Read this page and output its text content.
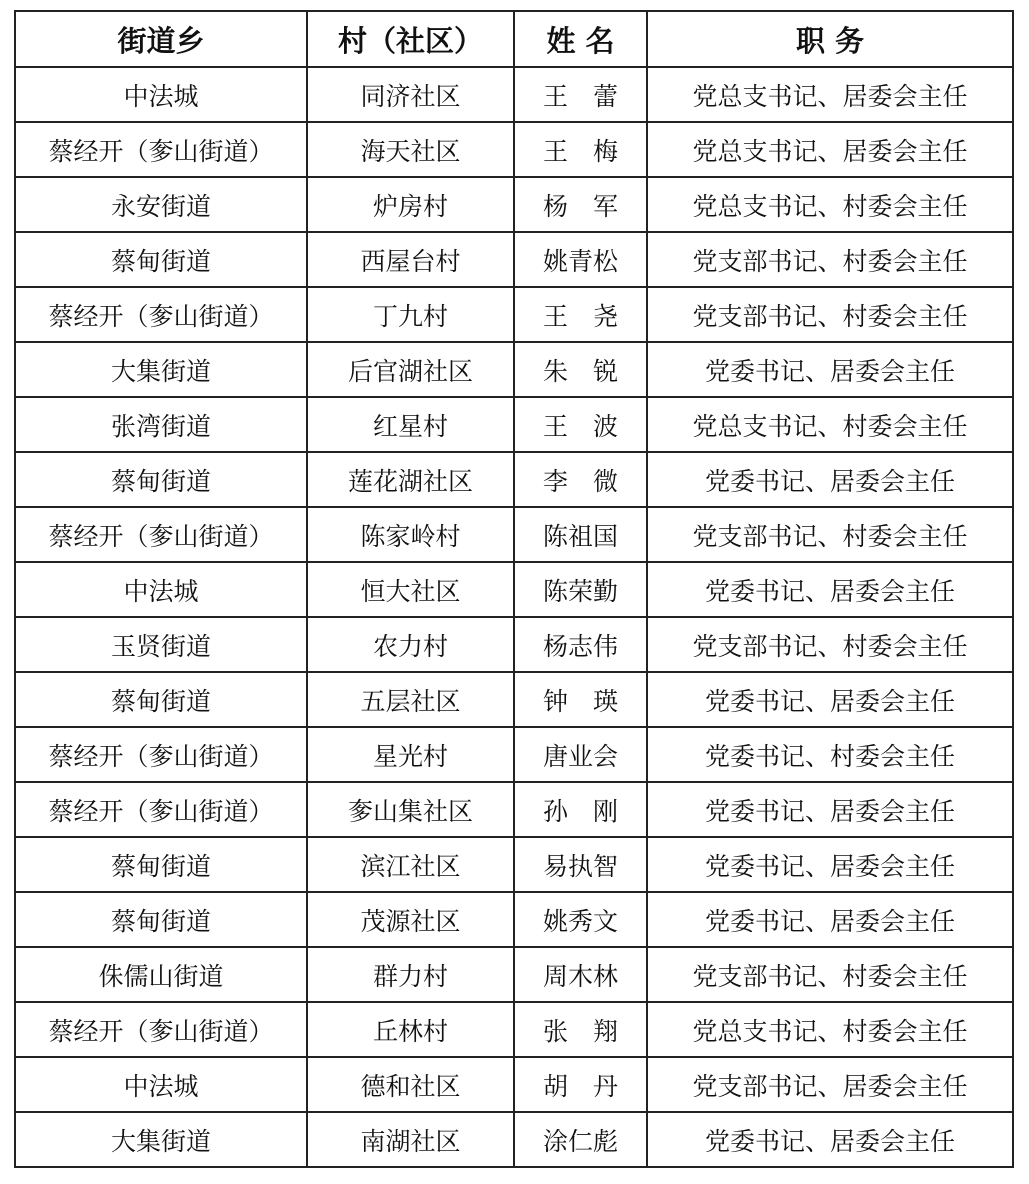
街道乡	村（社区）	姓 名	职 务
中法城	同济社区	王　蕾	党总支书记、居委会主任
蔡经开（奓山街道）	海天社区	王　梅	党总支书记、居委会主任
永安街道	炉房村	杨　军	党总支书记、村委会主任
蔡甸街道	西屋台村	姚青松	党支部书记、村委会主任
蔡经开（奓山街道）	丁九村	王　尧	党支部书记、村委会主任
大集街道	后官湖社区	朱　锐	党委书记、居委会主任
张湾街道	红星村	王　波	党总支书记、村委会主任
蔡甸街道	莲花湖社区	李　微	党委书记、居委会主任
蔡经开（奓山街道）	陈家岭村	陈祖国	党支部书记、村委会主任
中法城	恒大社区	陈荣勤	党委书记、居委会主任
玉贤街道	农力村	杨志伟	党支部书记、村委会主任
蔡甸街道	五层社区	钟　瑛	党委书记、居委会主任
蔡经开（奓山街道）	星光村	唐业会	党委书记、村委会主任
蔡经开（奓山街道）	奓山集社区	孙　刚	党委书记、居委会主任
蔡甸街道	滨江社区	易执智	党委书记、居委会主任
蔡甸街道	茂源社区	姚秀文	党委书记、居委会主任
侏儒山街道	群力村	周木林	党支部书记、村委会主任
蔡经开（奓山街道）	丘林村	张　翔	党总支书记、村委会主任
中法城	德和社区	胡　丹	党支部书记、居委会主任
大集街道	南湖社区	涂仁彪	党委书记、居委会主任
